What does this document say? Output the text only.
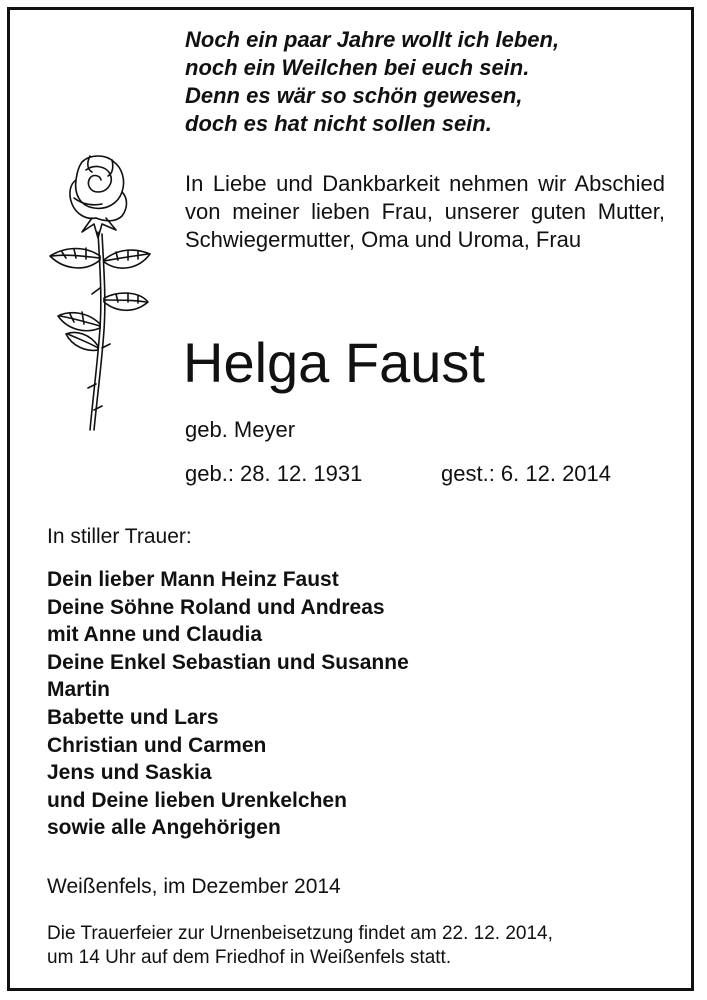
Noch ein paar Jahre wollt ich leben,
noch ein Weilchen bei euch sein.
Denn es wär so schön gewesen,
doch es hat nicht sollen sein.
In Liebe und Dankbarkeit nehmen wir Abschied von meiner lieben Frau, unserer guten Mutter, Schwiegermutter, Oma und Uroma, Frau
Helga Faust
geb. Meyer
geb.: 28. 12. 1931	gest.: 6. 12. 2014
In stiller Trauer:
Dein lieber Mann Heinz Faust
Deine Söhne Roland und Andreas
mit Anne und Claudia
Deine Enkel Sebastian und Susanne
Martin
Babette und Lars
Christian und Carmen
Jens und Saskia
und Deine lieben Urenkelchen
sowie alle Angehörigen
Weißenfels, im Dezember 2014
Die Trauerfeier zur Urnenbeisetzung findet am 22. 12. 2014,
um 14 Uhr auf dem Friedhof in Weißenfels statt.
